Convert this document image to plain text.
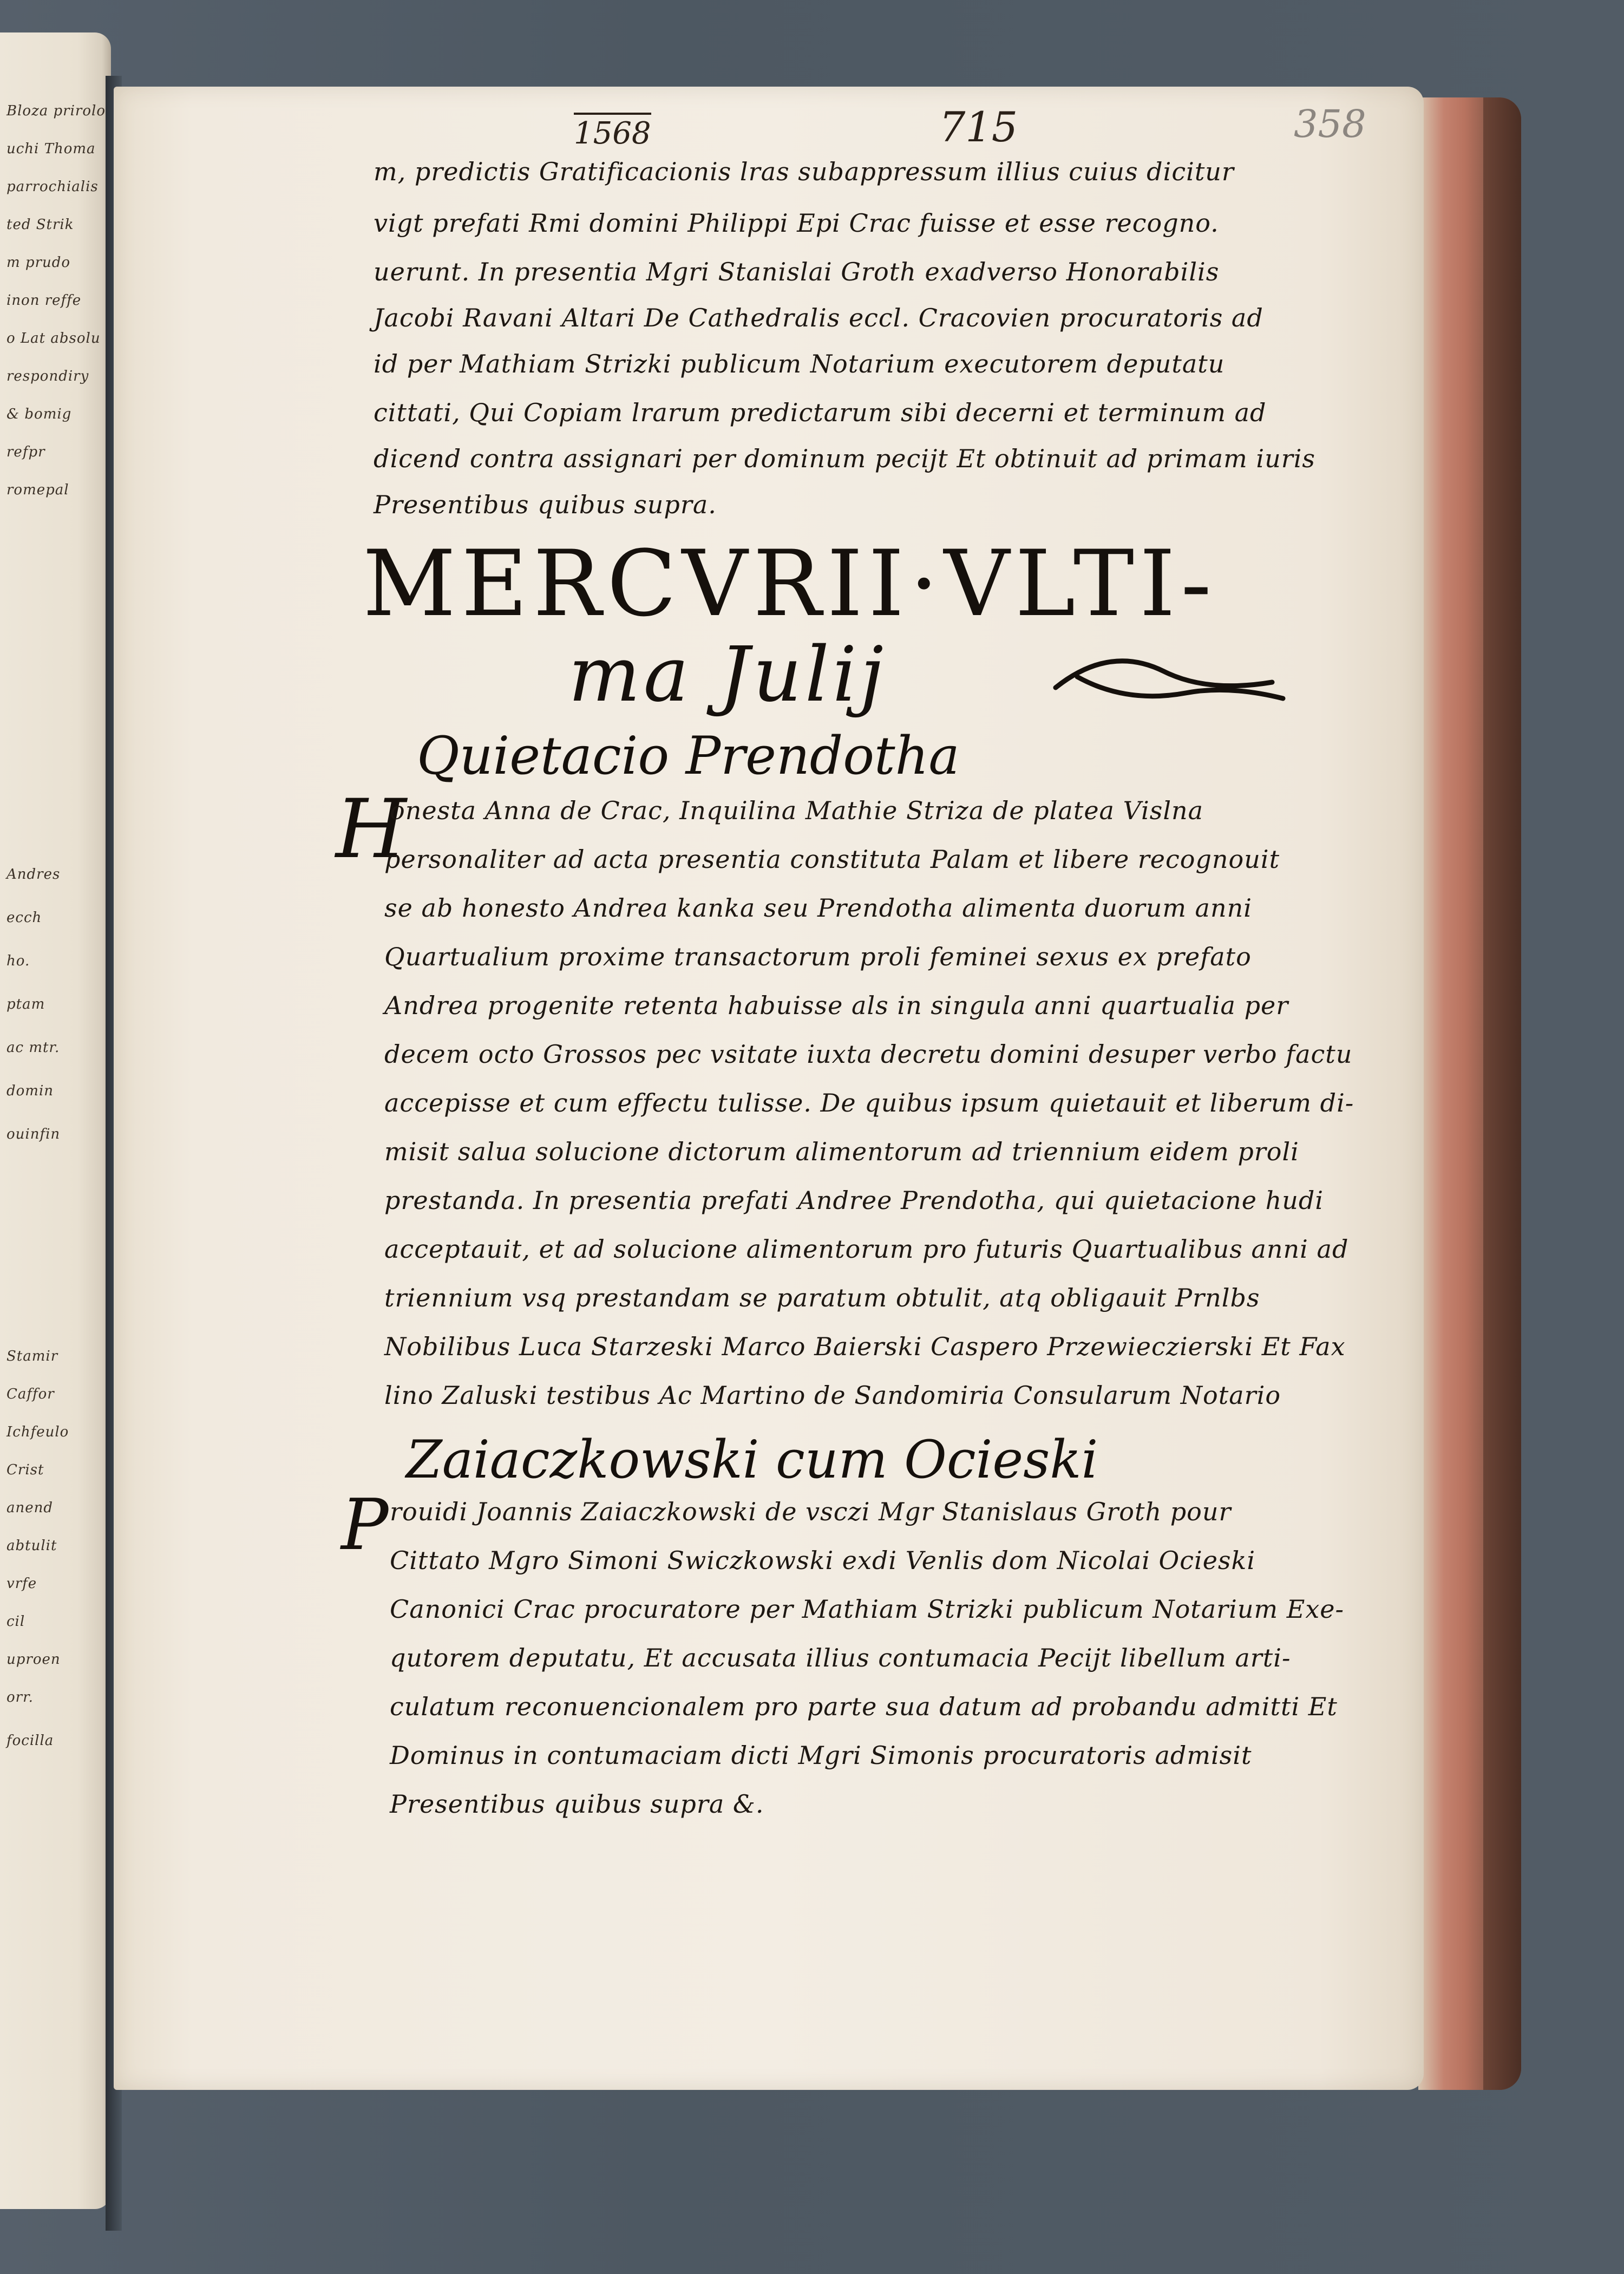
Bloza prirolo
uchi Thoma
parrochialis
ted Strik
m prudo
inon reffe
o Lat absolu
respondiry
& bomig
refpr
romepal
Andres
ecch
ho.
ptam
ac mtr.
domin
ouinfin
Stamir
Caffor
Ichfeulo
Crist
anend
abtulit
vrfe
cil
uproen
orr.
focilla
1568	715	358
m, predictis Gratificacionis lras subappressum illius cuius dicitur
vigt prefati Rmi domini Philippi Epi Crac fuisse et esse recogno.
uerunt. In presentia Mgri Stanislai Groth exadverso Honorabilis
Jacobi Ravani Altari De Cathedralis eccl. Cracovien procuratoris ad
id per Mathiam Strizki publicum Notarium executorem deputatu
cittati, Qui Copiam lrarum predictarum sibi decerni et terminum ad
dicend contra assignari per dominum pecijt Et obtinuit ad primam iuris
Presentibus quibus supra.
MERCVRII·VLTI-
ma Julij
Quietacio Prendotha
H
onesta Anna de Crac, Inquilina Mathie Striza de platea Vislna
personaliter ad acta presentia constituta Palam et libere recognouit
se ab honesto Andrea kanka seu Prendotha alimenta duorum anni
Quartualium proxime transactorum proli feminei sexus ex prefato
Andrea progenite retenta habuisse als in singula anni quartualia per
decem octo Grossos pec vsitate iuxta decretu domini desuper verbo factu
accepisse et cum effectu tulisse. De quibus ipsum quietauit et liberum di-
misit salua solucione dictorum alimentorum ad triennium eidem proli
prestanda. In presentia prefati Andree Prendotha, qui quietacione hudi
acceptauit, et ad solucione alimentorum pro futuris Quartualibus anni ad
triennium vsq prestandam se paratum obtulit, atq obligauit Prnlbs
Nobilibus Luca Starzeski Marco Baierski Caspero Przewieczierski Et Fax
lino Zaluski testibus Ac Martino de Sandomiria Consularum Notario
Zaiaczkowski cum Ocieski
P rouidi Joannis Zaiaczkowski de vsczi Mgr Stanislaus Groth pour
Cittato Mgro Simoni Swiczkowski exdi Venlis dom Nicolai Ocieski
Canonici Crac procuratore per Mathiam Strizki publicum Notarium Exe-
qutorem deputatu, Et accusata illius contumacia Pecijt libellum arti-
culatum reconuencionalem pro parte sua datum ad probandu admitti Et
Dominus in contumaciam dicti Mgri Simonis procuratoris admisit
Presentibus quibus supra &.
